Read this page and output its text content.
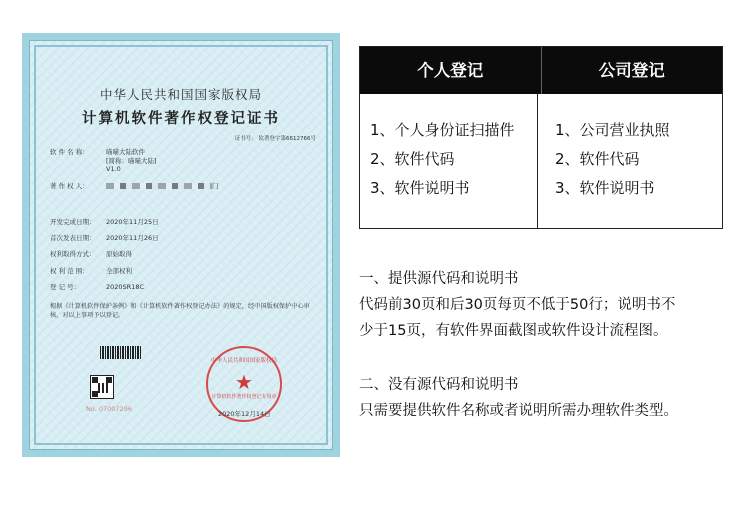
中华人民共和国国家版权局
计算机软件著作权登记证书
证书号： 软著登字第6612766号
软 件 名 称：	喵喵大陆软件
[简称：喵喵大陆]
V1.0
著 作 权 人：	门
开发完成日期： 2020年11月25日
首次发表日期： 2020年11月26日
权利取得方式： 原始取得
权 利 范 围：	全部权利
登 记 号：	2020SR18C
根据《计算机软件保护条例》和《计算机软件著作权登记办法》的规定，经中国版权保护中心审核，对以上事项予以登记。
No. 07007296
中华人民共和国国家版权局
★
计算机软件著作权登记专用章
2020年12月14日
个人登记	公司登记
1、个人身份证扫描件
2、软件代码
3、软件说明书
1、公司营业执照
2、软件代码
3、软件说明书

一、提供源代码和说明书

代码前30页和后30页每页不低于50行；说明书不

少于15页，有软件界面截图或软件设计流程图。

二、没有源代码和说明书

只需要提供软件名称或者说明所需办理软件类型。
